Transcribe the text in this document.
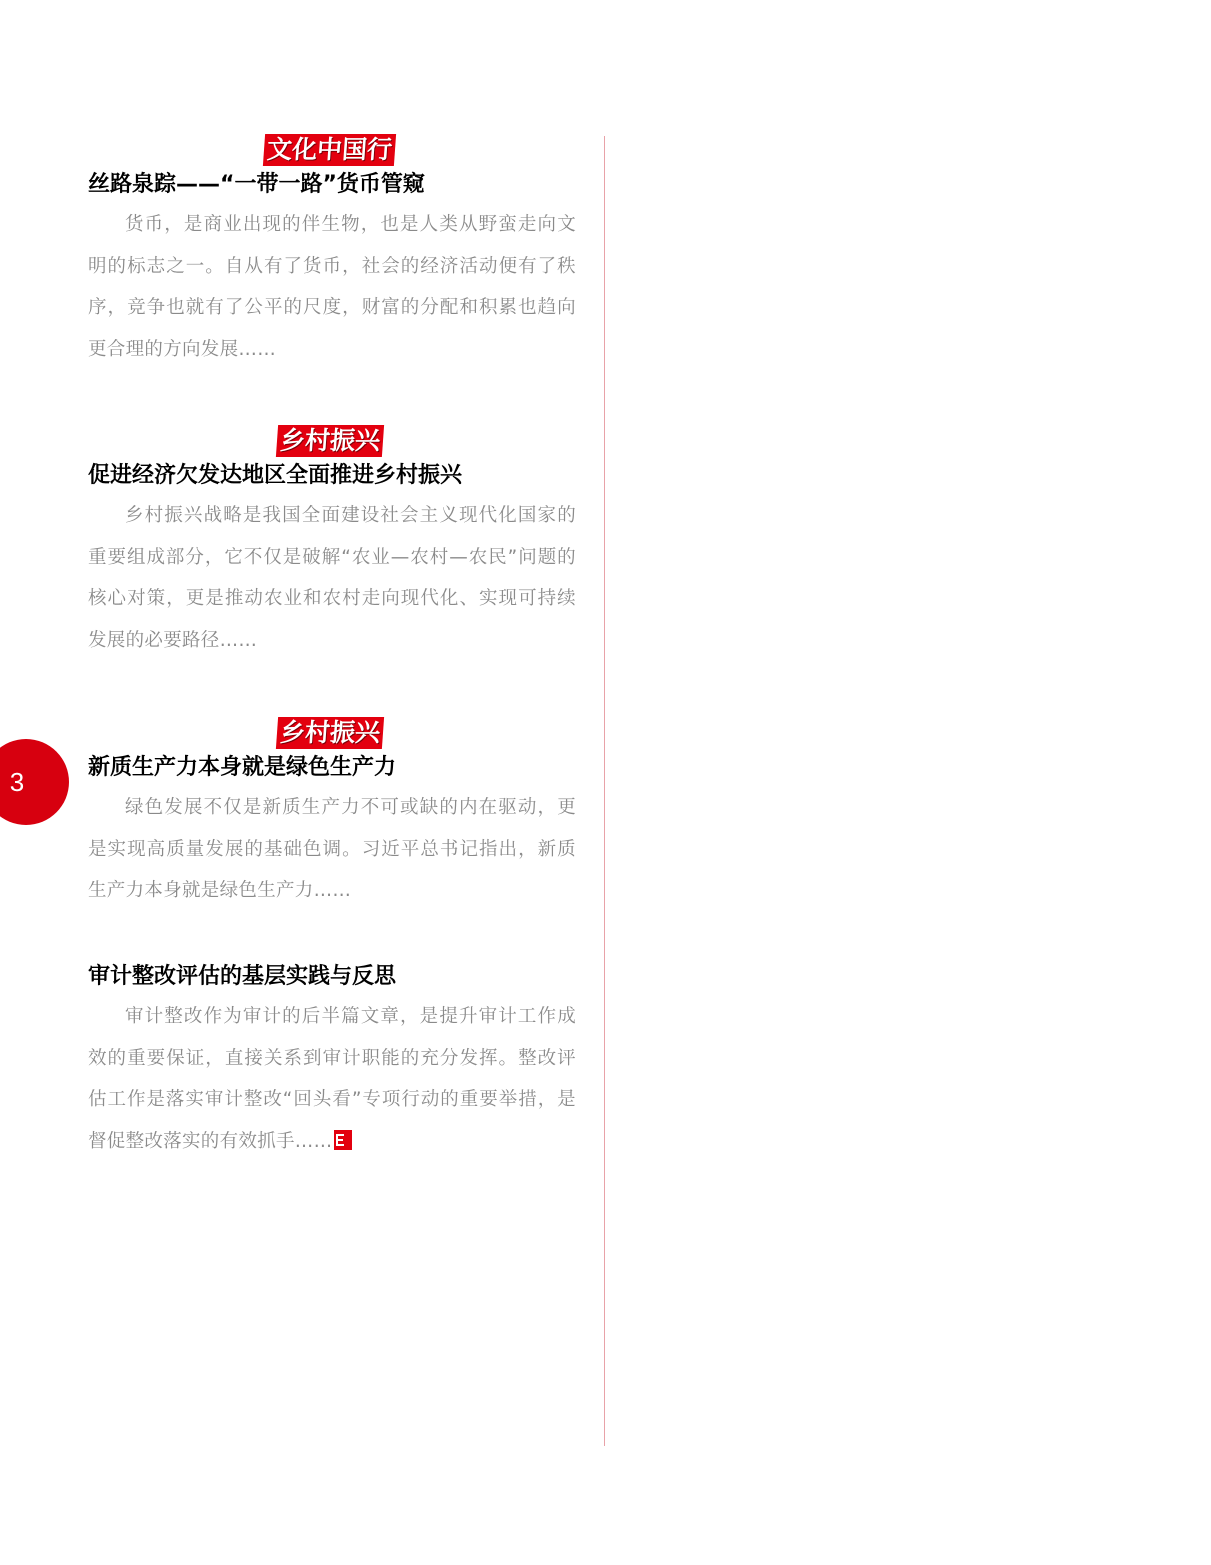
3
文化中国行
丝路泉踪——“一带一路”货币管窥

货币，是商业出现的伴生物，也是人类从野蛮走向文明的标志之一。自从有了货币，社会的经济活动便有了秩序，竞争也就有了公平的尺度，财富的分配和积累也趋向更合理的方向发展……

乡村振兴
促进经济欠发达地区全面推进乡村振兴

乡村振兴战略是我国全面建设社会主义现代化国家的重要组成部分，它不仅是破解“农业—农村—农民”问题的核心对策，更是推动农业和农村走向现代化、实现可持续发展的必要路径……

乡村振兴
新质生产力本身就是绿色生产力

绿色发展不仅是新质生产力不可或缺的内在驱动，更是实现高质量发展的基础色调。习近平总书记指出，新质生产力本身就是绿色生产力……

审计整改评估的基层实践与反思

审计整改作为审计的后半篇文章，是提升审计工作成效的重要保证，直接关系到审计职能的充分发挥。整改评估工作是落实审计整改“回头看”专项行动的重要举措，是督促整改落实的有效抓手……
